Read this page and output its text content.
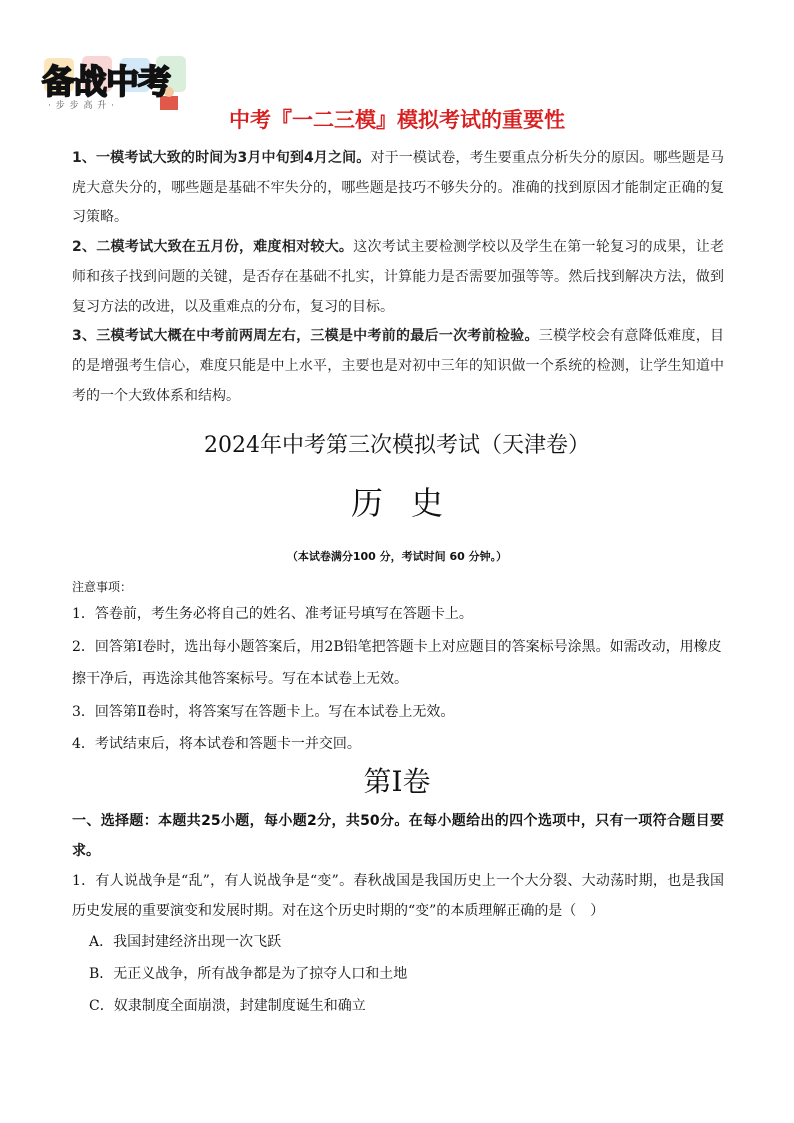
备战中考
· 步 步 高 升 ·
中考『一二三模』模拟考试的重要性

1、一模考试大致的时间为3月中旬到4月之间。对于一模试卷，考生要重点分析失分的原因。哪些题是马虎大意失分的，哪些题是基础不牢失分的，哪些题是技巧不够失分的。准确的找到原因才能制定正确的复习策略。

2、二模考试大致在五月份，难度相对较大。这次考试主要检测学校以及学生在第一轮复习的成果，让老师和孩子找到问题的关键，是否存在基础不扎实，计算能力是否需要加强等等。然后找到解决方法，做到复习方法的改进，以及重难点的分布，复习的目标。

3、三模考试大概在中考前两周左右，三模是中考前的最后一次考前检验。三模学校会有意降低难度，目的是增强考生信心，难度只能是中上水平，主要也是对初中三年的知识做一个系统的检测，让学生知道中考的一个大致体系和结构。

2024年中考第三次模拟考试（天津卷）
历史
（本试卷满分100 分，考试时间 60 分钟。）
注意事项：

1．答卷前，考生务必将自己的姓名、准考证号填写在答题卡上。

2．回答第Ⅰ卷时，选出每小题答案后，用2B铅笔把答题卡上对应题目的答案标号涂黑。如需改动，用橡皮擦干净后，再选涂其他答案标号。写在本试卷上无效。

3．回答第Ⅱ卷时，将答案写在答题卡上。写在本试卷上无效。

4．考试结束后，将本试卷和答题卡一并交回。

第Ⅰ卷

一、选择题：本题共25小题，每小题2分，共50分。在每小题给出的四个选项中，只有一项符合题目要求。

1．有人说战争是“乱”，有人说战争是“变”。春秋战国是我国历史上一个大分裂、大动荡时期，也是我国历史发展的重要演变和发展时期。对在这个历史时期的“变”的本质理解正确的是（　）

A．我国封建经济出现一次飞跃

B．无正义战争，所有战争都是为了掠夺人口和土地

C．奴隶制度全面崩溃，封建制度诞生和确立
